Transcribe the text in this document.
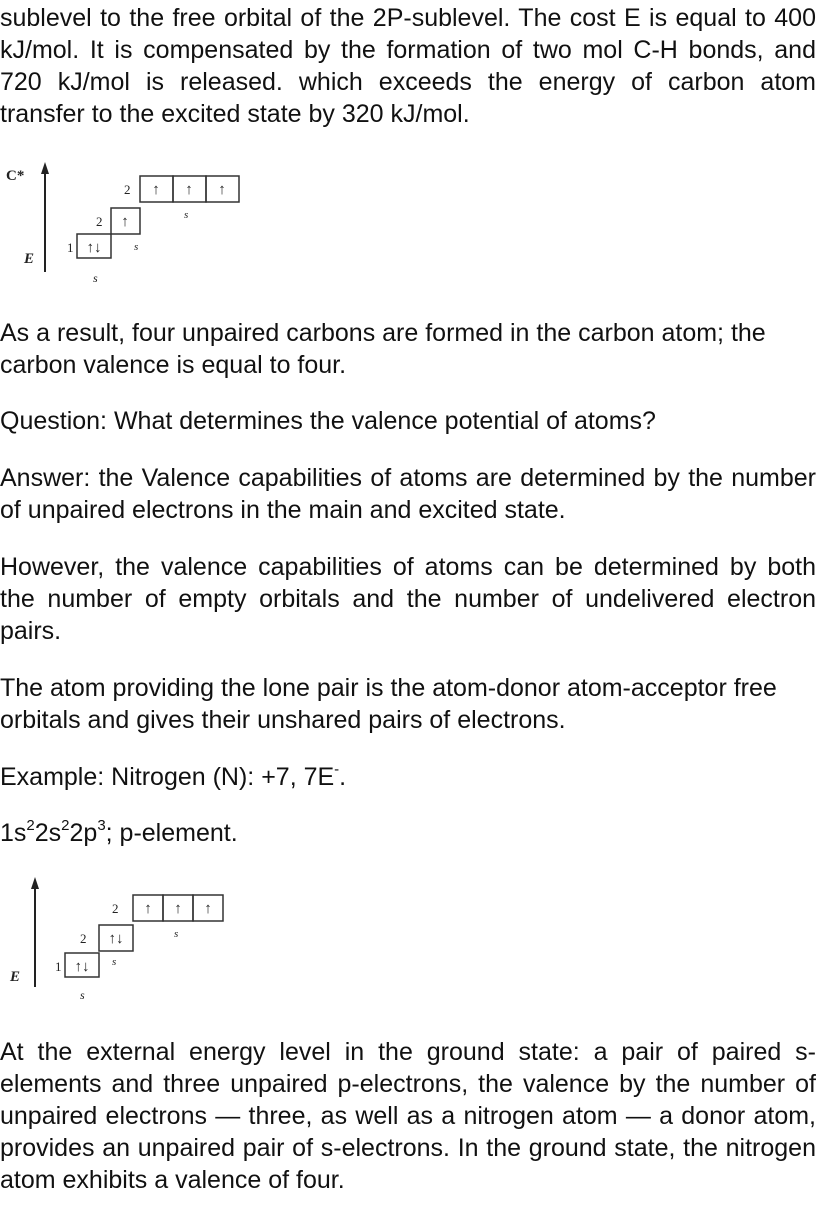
sublevel to the free orbital of the 2P-sublevel. The cost E is equal to 400 kJ/mol. It is compensated by the formation of two mol C-H bonds, and 720 kJ/mol is released. which exceeds the energy of carbon atom transfer to the excited state by 320 kJ/mol.

C*
E
1 ↑↓
s
2 ↑
s
2 ↑ ↑ ↑
s

As a result, four unpaired carbons are formed in the carbon atom; the carbon valence is equal to four.

Question: What determines the valence potential of atoms?

Answer: the Valence capabilities of atoms are determined by the number of unpaired electrons in the main and excited state.

However, the valence capabilities of atoms can be determined by both the number of empty orbitals and the number of undelivered electron pairs.

The atom providing the lone pair is the atom-donor atom-acceptor free orbitals and gives their unshared pairs of electrons.

Example: Nitrogen (N): +7, 7E-.

$1s^22s^22p^3$; p-element.

E
1 ↑↓
s
2 ↑↓
s
2 ↑ ↑ ↑
s

At the external energy level in the ground state: a pair of paired s-elements and three unpaired p-electrons, the valence by the number of unpaired electrons — three, as well as a nitrogen atom — a donor atom, provides an unpaired pair of s-electrons. In the ground state, the nitrogen atom exhibits a valence of four.
